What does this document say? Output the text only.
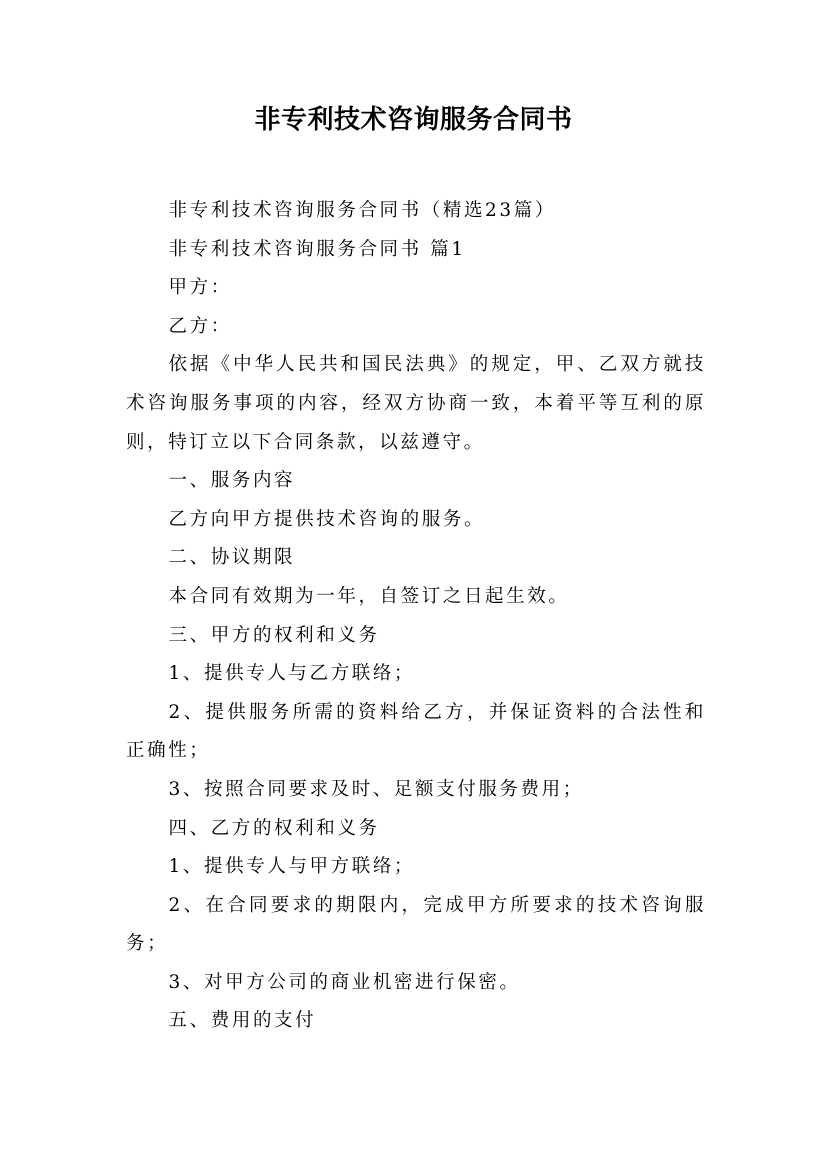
非专利技术咨询服务合同书

非专利技术咨询服务合同书（精选23篇）

非专利技术咨询服务合同书 篇1

甲方：

乙方：

依据《中华人民共和国民法典》的规定，甲、乙双方就技术咨询服务事项的内容，经双方协商一致，本着平等互利的原则，特订立以下合同条款，以兹遵守。

一、服务内容

乙方向甲方提供技术咨询的服务。

二、协议期限

本合同有效期为一年，自签订之日起生效。

三、甲方的权利和义务

1、提供专人与乙方联络；

2、提供服务所需的资料给乙方，并保证资料的合法性和正确性；

3、按照合同要求及时、足额支付服务费用；

四、乙方的权利和义务

1、提供专人与甲方联络；

2、在合同要求的期限内，完成甲方所要求的技术咨询服务；

3、对甲方公司的商业机密进行保密。

五、费用的支付
